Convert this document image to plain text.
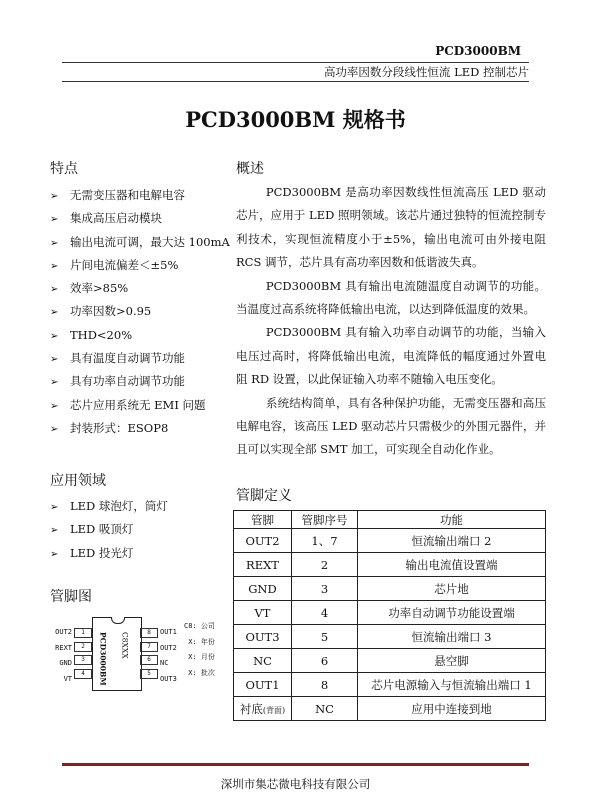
PCD3000BM
高功率因数分段线性恒流 LED 控制芯片
PCD3000BM 规格书
特点
➢ 无需变压器和电解电容
➢ 集成高压启动模块
➢ 输出电流可调，最大达 100mA
➢ 片间电流偏差＜±5%
➢ 效率>85%
➢ 功率因数>0.95
➢ THD<20%
➢ 具有温度自动调节功能
➢ 具有功率自动调节功能
➢ 芯片应用系统无 EMI 问题
➢ 封装形式：ESOP8
应用领域
➢ LED 球泡灯，筒灯
➢ LED 吸顶灯
➢ LED 投光灯
管脚图
OUT2
REXT
GND
VT
1
2
3
4	PCD3000BM	C8XXX	8
7
6
5
OUT1
OUT2
NC
OUT3
C8: 公司
X: 年份
X: 月份
X: 批次
概述

PCD3000BM 是高功率因数线性恒流高压 LED 驱动芯片，应用于 LED 照明领域。该芯片通过独特的恒流控制专利技术，实现恒流精度小于±5%，输出电流可由外接电阻 RCS 调节，芯片具有高功率因数和低谐波失真。

PCD3000BM 具有输出电流随温度自动调节的功能。当温度过高系统将降低输出电流，以达到降低温度的效果。

PCD3000BM 具有输入功率自动调节的功能，当输入电压过高时，将降低输出电流，电流降低的幅度通过外置电阻 RD 设置，以此保证输入功率不随输入电压变化。

系统结构简单，具有各种保护功能，无需变压器和高压电解电容，该高压 LED 驱动芯片只需极少的外围元器件，并且可以实现全部 SMT 加工，可实现全自动化作业。

管脚定义
管脚	管脚序号	功能
OUT2	1、7	恒流输出端口 2
REXT	2	输出电流值设置端
GND	3	芯片地
VT	4	功率自动调节功能设置端
OUT3	5	恒流输出端口 3
NC	6	悬空脚
OUT1	8	芯片电源输入与恒流输出端口 1
衬底(背面)	NC	应用中连接到地
深圳市集芯微电科技有限公司
